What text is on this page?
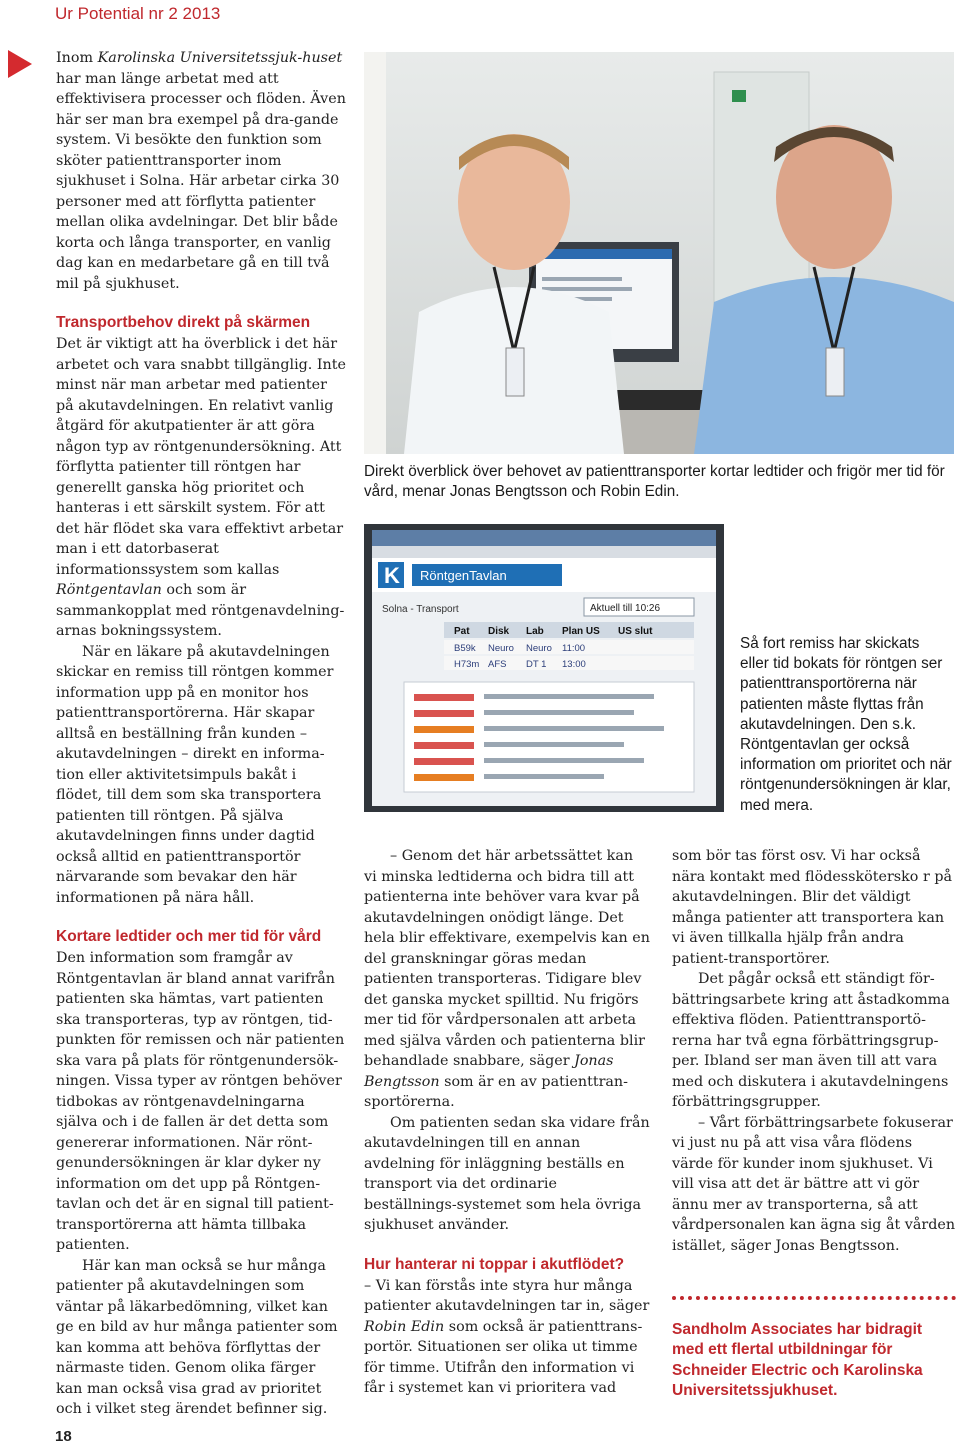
Ur Potential nr 2 2013

Inom Karolinska Universitetssjuk-huset har man länge arbetat med att effektivisera processer och flöden. Även här ser man bra exempel på dra-gande system. Vi besökte den funktion som sköter patienttransporter inom sjukhuset i Solna. Här arbetar cirka 30 personer med att förflytta patienter mellan olika avdelningar. Det blir både korta och långa transporter, en vanlig dag kan en medarbetare gå en till två mil på sjukhuset.

Transportbehov direkt på skärmen

Det är viktigt att ha överblick i det här arbetet och vara snabbt tillgänglig. Inte minst när man arbetar med patienter på akutavdelningen. En relativt vanlig åtgärd för akutpatienter är att göra någon typ av röntgenundersökning. Att förflytta patienter till röntgen har generellt ganska hög prioritet och hanteras i ett särskilt system. För att det här flödet ska vara effektivt arbetar man i ett datorbaserat informationssystem som kallas Röntgentavlan och som är sammankopplat med röntgenavdelning-arnas bokningssystem.

När en läkare på akutavdelningen skickar en remiss till röntgen kommer information upp på en monitor hos patienttransportörerna. Här skapar alltså en beställning från kunden – akutavdelningen – direkt en informa-tion eller aktivitetsimpuls bakåt i flödet, till dem som ska transportera patienten till röntgen. På själva akutavdelningen finns under dagtid också alltid en patienttransportör närvarande som bevakar den här informationen på nära håll.

Kortare ledtider och mer tid för vård

Den information som framgår av Röntgentavlan är bland annat varifrån patienten ska hämtas, vart patienten ska transporteras, typ av röntgen, tid-punkten för remissen och när patienten ska vara på plats för röntgenundersök-ningen. Vissa typer av röntgen behöver tidbokas av röntgenavdelningarna själva och i de fallen är det detta som genererar informationen. När rönt-genundersökningen är klar dyker ny information om det upp på Röntgen-tavlan och det är en signal till patient-transportörerna att hämta tillbaka patienten.

Här kan man också se hur många patienter på akutavdelningen som väntar på läkarbedömning, vilket kan ge en bild av hur många patienter som kan komma att behöva förflyttas der närmaste tiden. Genom olika färger kan man också visa grad av prioritet och i vilket steg ärendet befinner sig.

Direkt överblick över behovet av patienttransporter kortar ledtider och frigör mer tid för vård, menar Jonas Bengtsson och Robin Edin.
K RöntgenTavlan
Solna - Transport	Aktuell till 10:26
Pat Disk Lab Plan US US slut
B59k Neuro Neuro 11:00
H73m AFS DT 1 13:00
Så fort remiss har skickats eller tid bokats för röntgen ser patienttransportörerna när patienten måste flyttas från akutavdelningen. Den s.k. Röntgentavlan ger också information om prioritet och när röntgenundersökningen är klar, med mera.

– Genom det här arbetssättet kan vi minska ledtiderna och bidra till att patienterna inte behöver vara kvar på akutavdelningen onödigt länge. Det hela blir effektivare, exempelvis kan en del granskningar göras medan patienten transporteras. Tidigare blev det ganska mycket spilltid. Nu frigörs mer tid för vårdpersonalen att arbeta med själva vården och patienterna blir behandlade snabbare, säger Jonas Bengtsson som är en av patienttran-sportörerna.

Om patienten sedan ska vidare från akutavdelningen till en annan avdelning för inläggning beställs en transport via det ordinarie beställnings-systemet som hela övriga sjukhuset använder.

Hur hanterar ni toppar i akutflödet?

– Vi kan förstås inte styra hur många patienter akutavdelningen tar in, säger Robin Edin som också är patienttrans-portör. Situationen ser olika ut timme för timme. Utifrån den information vi får i systemet kan vi prioritera vad

som bör tas först osv. Vi har också nära kontakt med flödesskötersko r på akutavdelningen. Blir det väldigt många patienter att transportera kan vi även tillkalla hjälp från andra patient-transportörer.

Det pågår också ett ständigt för-bättringsarbete kring att åstadkomma effektiva flöden. Patienttransportö-rerna har två egna förbättringsgrup-per. Ibland ser man även till att vara med och diskutera i akutavdelningens förbättringsgrupper.

– Vårt förbättringsarbete fokuserar vi just nu på att visa våra flödens värde för kunder inom sjukhuset. Vi vill visa att det är bättre att vi gör ännu mer av transporterna, så att vårdpersonalen kan ägna sig åt vården istället, säger Jonas Bengtsson.

Sandholm Associates har bidragit med ett flertal utbildningar för Schneider Electric och Karolinska Universitetssjukhuset.
18
